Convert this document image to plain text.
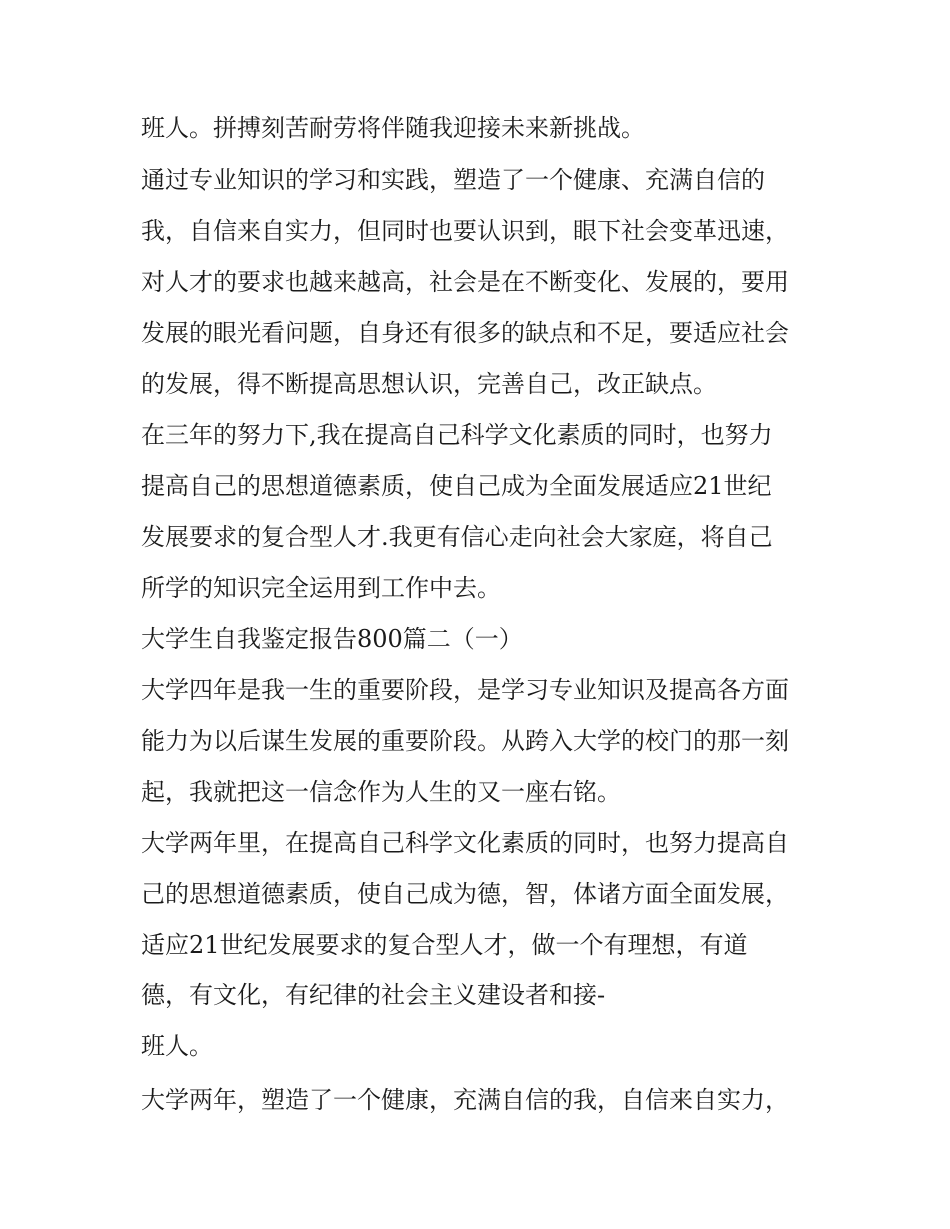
班人。拼搏刻苦耐劳将伴随我迎接未来新挑战。
通过专业知识的学习和实践，塑造了一个健康、充满自信的
我，自信来自实力，但同时也要认识到，眼下社会变革迅速，
对人才的要求也越来越高，社会是在不断变化、发展的，要用
发展的眼光看问题，自身还有很多的缺点和不足，要适应社会
的发展，得不断提高思想认识，完善自己，改正缺点。
在三年的努力下,我在提高自己科学文化素质的同时，也努力
提高自己的思想道德素质，使自己成为全面发展适应21世纪
发展要求的复合型人才.我更有信心走向社会大家庭，将自己
所学的知识完全运用到工作中去。
大学生自我鉴定报告800篇二（一）
大学四年是我一生的重要阶段，是学习专业知识及提高各方面
能力为以后谋生发展的重要阶段。从跨入大学的校门的那一刻
起，我就把这一信念作为人生的又一座右铭。
大学两年里，在提高自己科学文化素质的同时，也努力提高自
己的思想道德素质，使自己成为德，智，体诸方面全面发展，
适应21世纪发展要求的复合型人才，做一个有理想，有道
德，有文化，有纪律的社会主义建设者和接-
班人。
大学两年，塑造了一个健康，充满自信的我，自信来自实力，
